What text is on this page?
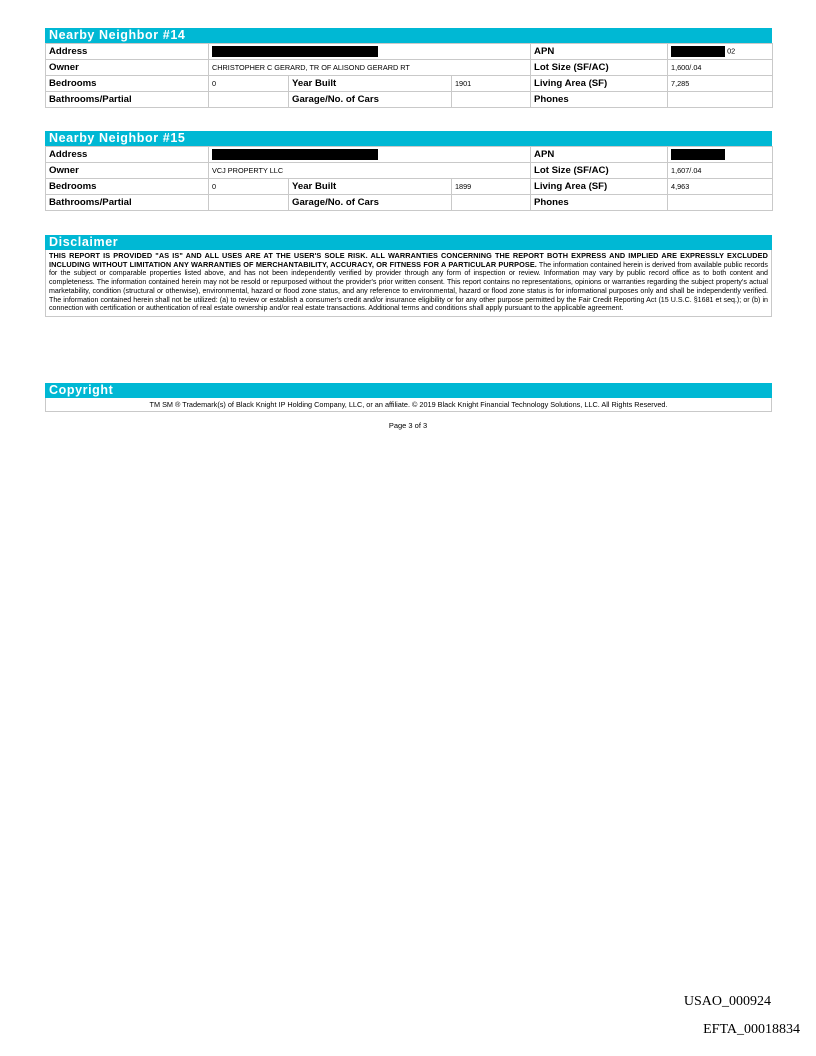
Nearby Neighbor #14
Address				APN	02
Owner	CHRISTOPHER C GERARD, TR OF ALISOND GERARD RT			Lot Size (SF/AC)	1,600/.04
Bedrooms	0	Year Built	1901	Living Area (SF)	7,285
Bathrooms/Partial		Garage/No. of Cars		Phones	
Nearby Neighbor #15
Address				APN	
Owner	VCJ PROPERTY LLC			Lot Size (SF/AC)	1,607/.04
Bedrooms	0	Year Built	1899	Living Area (SF)	4,963
Bathrooms/Partial		Garage/No. of Cars		Phones	
Disclaimer
THIS REPORT IS PROVIDED "AS IS" AND ALL USES ARE AT THE USER'S SOLE RISK. ALL WARRANTIES CONCERNING THE REPORT BOTH EXPRESS AND IMPLIED ARE EXPRESSLY EXCLUDED INCLUDING WITHOUT LIMITATION ANY WARRANTIES OF MERCHANTABILITY, ACCURACY, OR FITNESS FOR A PARTICULAR PURPOSE. The information contained herein is derived from available public records for the subject or comparable properties listed above, and has not been independently verified by provider through any form of inspection or review. Information may vary by public record office as to both content and completeness. The information contained herein may not be resold or repurposed without the provider's prior written consent. This report contains no representations, opinions or warranties regarding the subject property's actual marketability, condition (structural or otherwise), environmental, hazard or flood zone status, and any reference to environmental, hazard or flood zone status is for informational purposes only and shall be independently verified. The information contained herein shall not be utilized: (a) to review or establish a consumer's credit and/or insurance eligibility or for any other purpose permitted by the Fair Credit Reporting Act (15 U.S.C. §1681 et seq.); or (b) in connection with certification or authentication of real estate ownership and/or real estate transactions. Additional terms and conditions shall apply pursuant to the applicable agreement.
Copyright
TM SM ® Trademark(s) of Black Knight IP Holding Company, LLC, or an affiliate. © 2019 Black Knight Financial Technology Solutions, LLC. All Rights Reserved.
Page 3 of 3
USAO_000924
EFTA_00018834
